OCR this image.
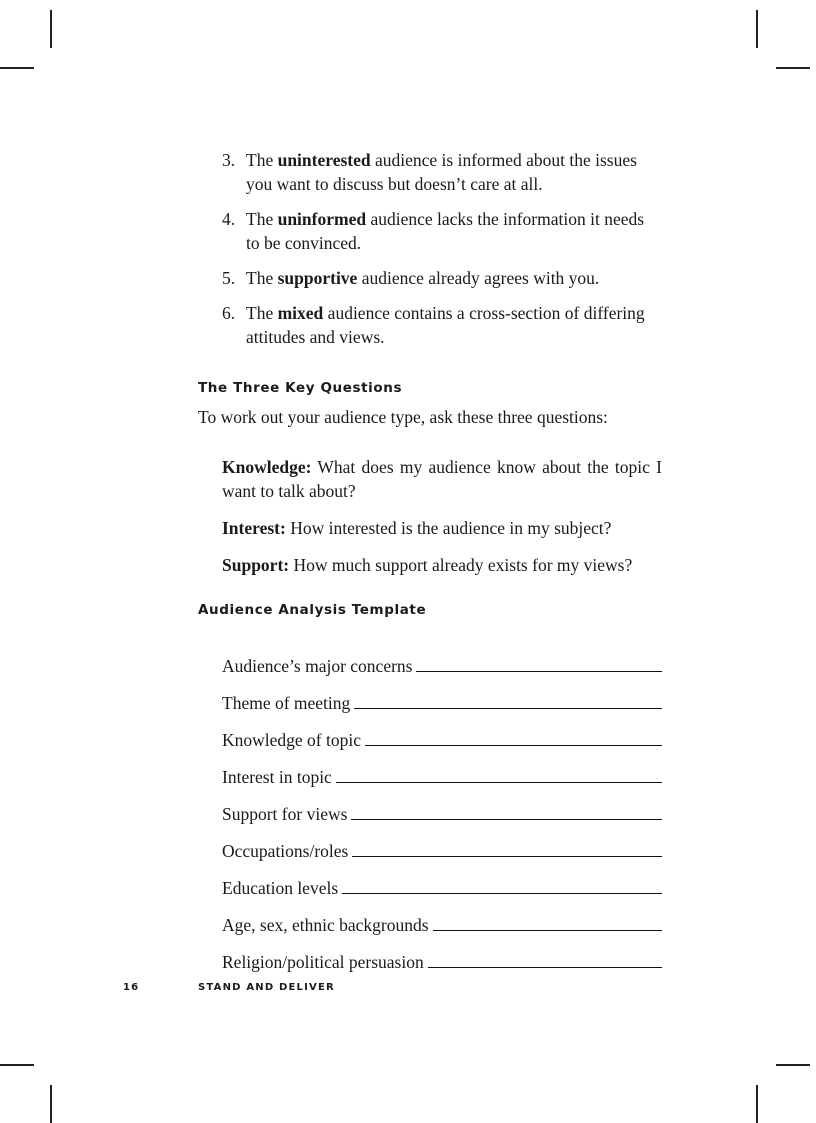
3. The uninterested audience is informed about the issues you want to discuss but doesn’t care at all.
4. The uninformed audience lacks the information it needs to be convinced.
5. The supportive audience already agrees with you.
6. The mixed audience contains a cross-section of differing attitudes and views.
The Three Key Questions
To work out your audience type, ask these three questions:
Knowledge: What does my audience know about the topic I want to talk about?
Interest: How interested is the audience in my subject?
Support: How much support already exists for my views?
Audience Analysis Template
Audience’s major concerns
Theme of meeting
Knowledge of topic
Interest in topic
Support for views
Occupations/roles
Education levels
Age, sex, ethnic backgrounds
Religion/political persuasion
16	STAND AND DELIVER
